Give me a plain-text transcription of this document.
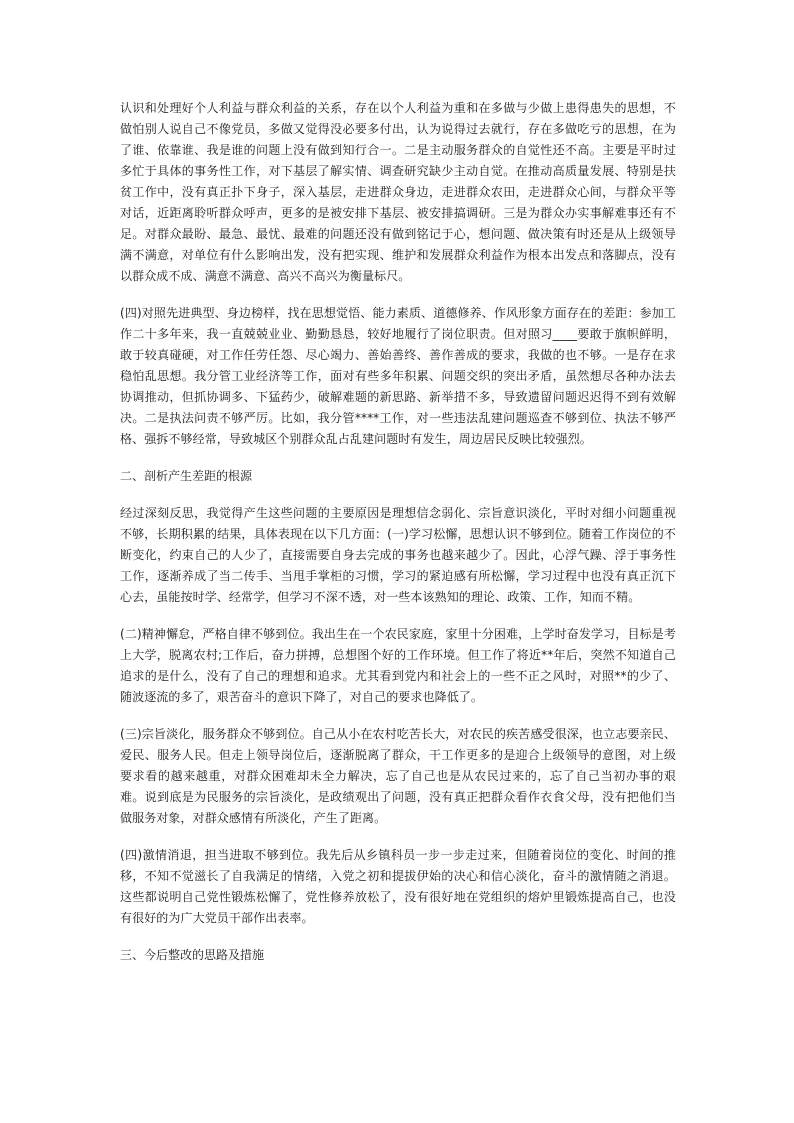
认识和处理好个人利益与群众利益的关系，存在以个人利益为重和在多做与少做上患得患失的思想，不做怕别人说自己不像党员，多做又觉得没必要多付出，认为说得过去就行，存在多做吃亏的思想，在为了谁、依靠谁、我是谁的问题上没有做到知行合一。二是主动服务群众的自觉性还不高。主要是平时过多忙于具体的事务性工作，对下基层了解实情、调查研究缺少主动自觉。在推动高质量发展、特别是扶贫工作中，没有真正扑下身子，深入基层，走进群众身边，走进群众农田，走进群众心间，与群众平等对话，近距离聆听群众呼声，更多的是被安排下基层、被安排搞调研。三是为群众办实事解难事还有不足。对群众最盼、最急、最忧、最难的问题还没有做到铭记于心，想问题、做决策有时还是从上级领导满不满意，对单位有什么影响出发，没有把实现、维护和发展群众利益作为根本出发点和落脚点，没有以群众成不成、满意不满意、高兴不高兴为衡量标尺。

(四)对照先进典型、身边榜样，找在思想觉悟、能力素质、道德修养、作风形象方面存在的差距：参加工作二十多年来，我一直兢兢业业、勤勤恳恳，较好地履行了岗位职责。但对照习____要敢于旗帜鲜明，敢于较真碰硬，对工作任劳任怨、尽心竭力、善始善终、善作善成的要求，我做的也不够。一是存在求稳怕乱思想。我分管工业经济等工作，面对有些多年积累、问题交织的突出矛盾，虽然想尽各种办法去协调推动，但抓协调多、下猛药少，破解难题的新思路、新举措不多，导致遗留问题迟迟得不到有效解决。二是执法问责不够严厉。比如，我分管****工作，对一些违法乱建问题巡查不够到位、执法不够严格、强拆不够经常，导致城区个别群众乱占乱建问题时有发生，周边居民反映比较强烈。

二、剖析产生差距的根源

经过深刻反思，我觉得产生这些问题的主要原因是理想信念弱化、宗旨意识淡化，平时对细小问题重视不够，长期积累的结果，具体表现在以下几方面：(一)学习松懈，思想认识不够到位。随着工作岗位的不断变化，约束自己的人少了，直接需要自身去完成的事务也越来越少了。因此，心浮气躁、浮于事务性工作，逐渐养成了当二传手、当甩手掌柜的习惯，学习的紧迫感有所松懈，学习过程中也没有真正沉下心去，虽能按时学、经常学，但学习不深不透，对一些本该熟知的理论、政策、工作，知而不精。

(二)精神懈怠，严格自律不够到位。我出生在一个农民家庭，家里十分困难，上学时奋发学习，目标是考上大学，脱离农村;工作后，奋力拼搏，总想图个好的工作环境。但工作了将近**年后，突然不知道自己追求的是什么，没有了自己的理想和追求。尤其看到党内和社会上的一些不正之风时，对照**的少了、随波逐流的多了，艰苦奋斗的意识下降了，对自己的要求也降低了。

(三)宗旨淡化，服务群众不够到位。自己从小在农村吃苦长大，对农民的疾苦感受很深，也立志要亲民、爱民、服务人民。但走上领导岗位后，逐渐脱离了群众，干工作更多的是迎合上级领导的意图，对上级要求看的越来越重，对群众困难却未全力解决，忘了自己也是从农民过来的，忘了自己当初办事的艰难。说到底是为民服务的宗旨淡化，是政绩观出了问题，没有真正把群众看作衣食父母，没有把他们当做服务对象，对群众感情有所淡化，产生了距离。

(四)激情消退，担当进取不够到位。我先后从乡镇科员一步一步走过来，但随着岗位的变化、时间的推移，不知不觉滋长了自我满足的情绪，入党之初和提拔伊始的决心和信心淡化，奋斗的激情随之消退。这些都说明自己党性锻炼松懈了，党性修养放松了，没有很好地在党组织的熔炉里锻炼提高自己，也没有很好的为广大党员干部作出表率。

三、今后整改的思路及措施
